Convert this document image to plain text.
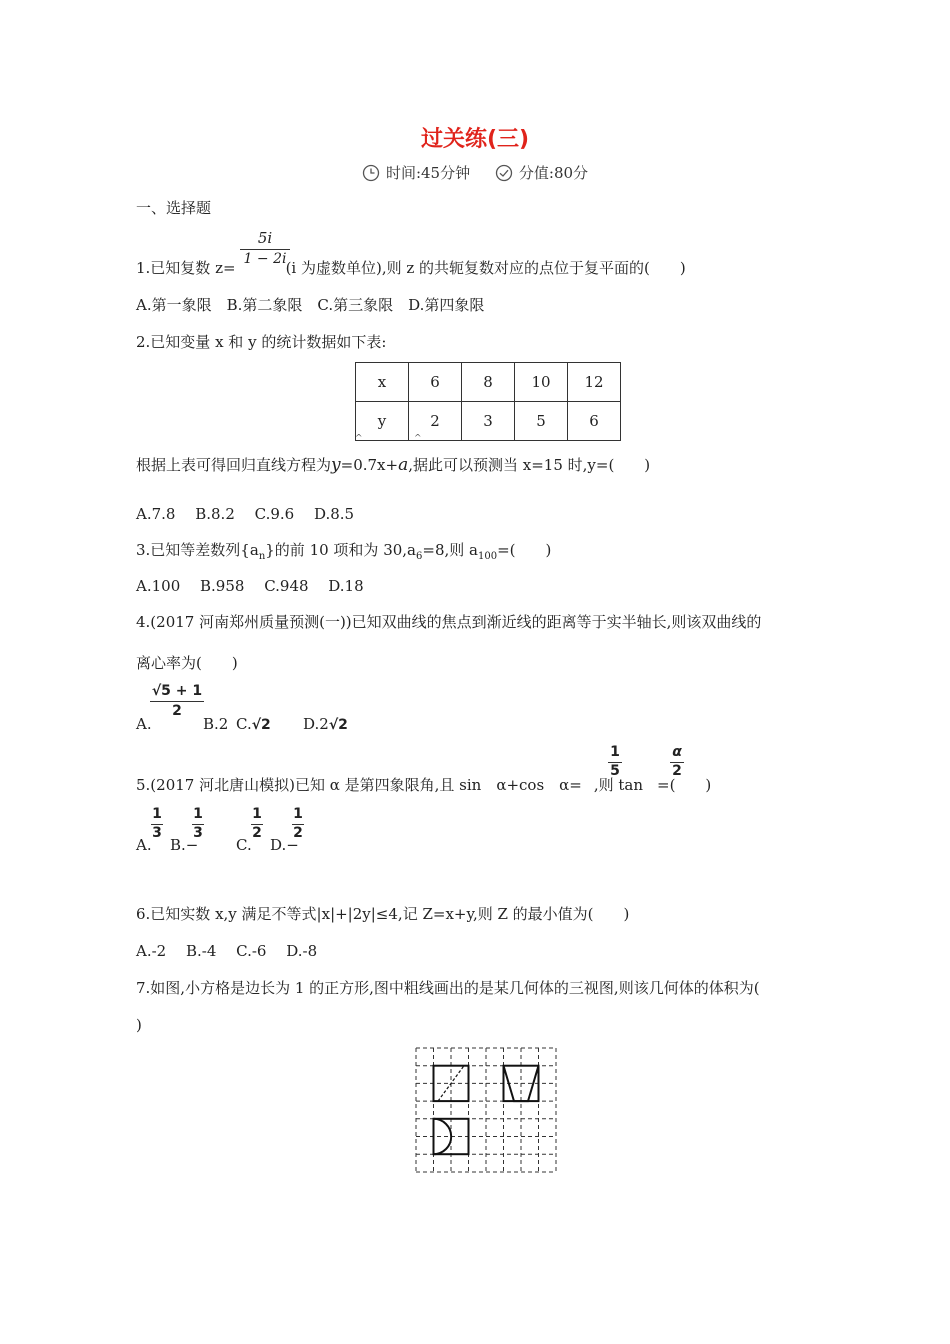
过关练(三)
时间:45分钟
	分值:80分
一、选择题
1.已知复数 z=	(i 为虚数单位),则 z 的共轭复数对应的点位于复平面的(　　)
5i
1 − 2i
A.第一象限　B.第二象限　C.第三象限　D.第四象限
2.已知变量 x 和 y 的统计数据如下表:
x	6	8	10	12
y	2	3	5	6
^	^
根据上表可得回归直线方程为y=0.7x+a,据此可以预测当 x=15 时,y=(　　)
A.7.8　 B.8.2　 C.9.6　 D.8.5
3.已知等差数列$\{a_n\}$的前 10 项和为 $30,a_6=8$,则 $a_{100}=$(　　)
A.100　 B.958　 C.948　 D.18
4.(2017 河南郑州质量预测(一))已知双曲线的焦点到渐近线的距离等于实半轴长,则该双曲线的
离心率为(　　)
A.
√5 + 1
2
B.2 C.√2 D.2√2
5.(2017 河北唐山模拟)已知 α 是第四象限角,且 sin　α+cos　α= ,则 tan =(　　)
1
5
α
2
A.
1
3
B.−
1
3
C.
1
2
D.−
1
2
6.已知实数 x,y 满足不等式|x|+|2y|≤4,记 Z=x+y,则 Z 的最小值为(　　)
A.-2　 B.-4　 C.-6　 D.-8
7.如图,小方格是边长为 1 的正方形,图中粗线画出的是某几何体的三视图,则该几何体的体积为(
)
